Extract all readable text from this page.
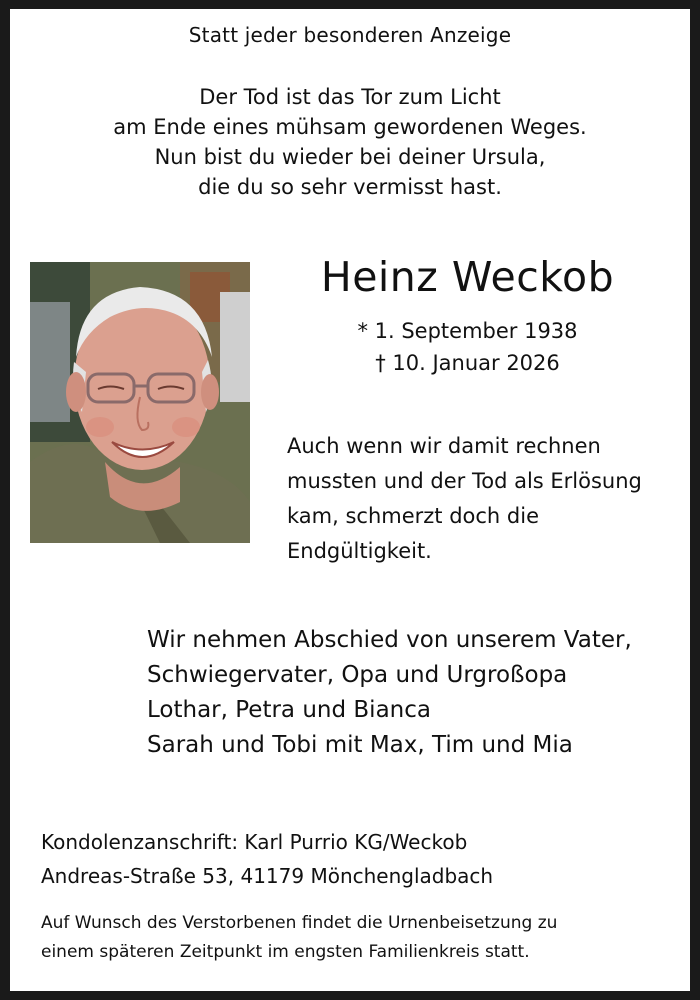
Statt jeder besonderen Anzeige
Der Tod ist das Tor zum Licht
am Ende eines mühsam gewordenen Weges.
Nun bist du wieder bei deiner Ursula,
die du so sehr vermisst hast.
Heinz Weckob
* 1. September 1938
† 10. Januar 2026
Auch wenn wir damit rechnen
mussten und der Tod als Erlösung
kam, schmerzt doch die
Endgültigkeit.
Wir nehmen Abschied von unserem Vater,
Schwiegervater, Opa und Urgroßopa
Lothar, Petra und Bianca
Sarah und Tobi mit Max, Tim und Mia
Kondolenzanschrift: Karl Purrio KG/Weckob
Andreas-Straße 53, 41179 Mönchengladbach
Auf Wunsch des Verstorbenen findet die Urnenbeisetzung zu
einem späteren Zeitpunkt im engsten Familienkreis statt.
